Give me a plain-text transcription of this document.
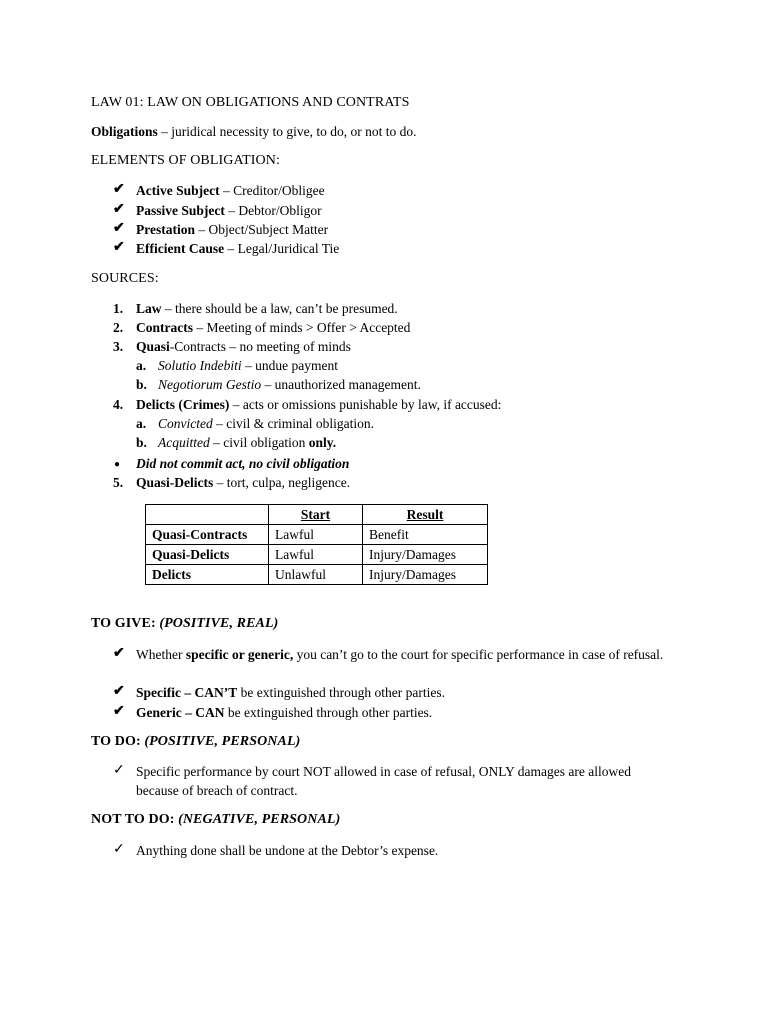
LAW 01: LAW ON OBLIGATIONS AND CONTRATS
Obligations – juridical necessity to give, to do, or not to do.
ELEMENTS OF OBLIGATION:
✔ Active Subject – Creditor/Obligee
✔ Passive Subject – Debtor/Obligor
✔ Prestation – Object/Subject Matter
✔ Efficient Cause – Legal/Juridical Tie
SOURCES:
1. Law – there should be a law, can’t be presumed.
2. Contracts – Meeting of minds > Offer > Accepted
3. Quasi-Contracts – no meeting of minds
a. Solutio Indebiti – undue payment
b. Negotiorum Gestio – unauthorized management.
4. Delicts (Crimes) – acts or omissions punishable by law, if accused:
a. Convicted – civil & criminal obligation.
b. Acquitted – civil obligation only.
● Did not commit act, no civil obligation
5. Quasi-Delicts – tort, culpa, negligence.
	Start	Result
Quasi-Contracts	Lawful	Benefit
Quasi-Delicts	Lawful	Injury/Damages
Delicts	Unlawful	Injury/Damages
TO GIVE: (POSITIVE, REAL)
✔ Whether specific or generic, you can’t go to the court for specific performance in case of refusal.
✔ Specific – CAN’T be extinguished through other parties.
✔ Generic – CAN be extinguished through other parties.
TO DO: (POSITIVE, PERSONAL)
✓ Specific performance by court NOT allowed in case of refusal, ONLY damages are allowed because of breach of contract.
NOT TO DO: (NEGATIVE, PERSONAL)
✓ Anything done shall be undone at the Debtor’s expense.
